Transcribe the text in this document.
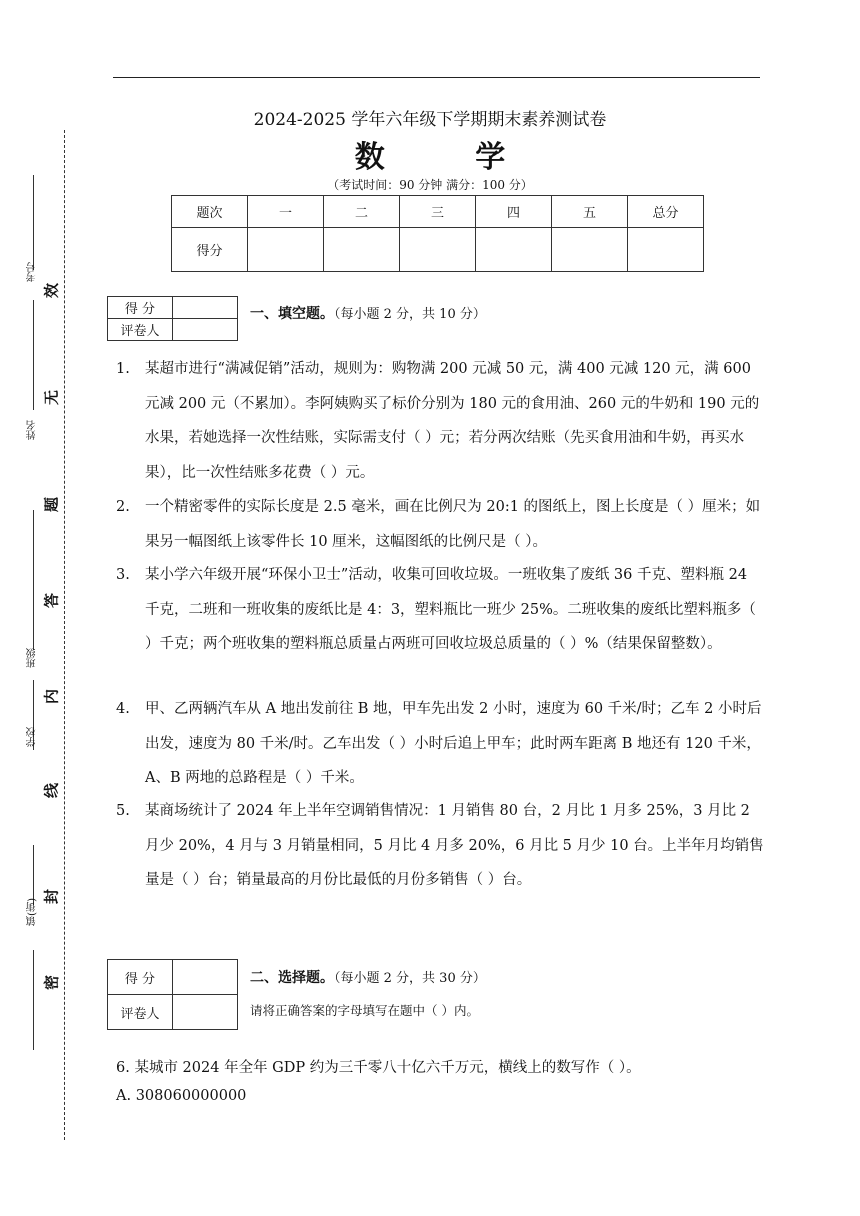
考号
姓名
班级
学校
镇(街)
效
无
题
答
内
线
封
密
2024-2025 学年六年级下学期期末素养测试卷
数 学
（考试时间：90 分钟 满分：100 分）
题次	一	二	三	四	五	总分
得分						
得 分	
评卷人	
一、填空题。（每小题 2 分，共 10 分）
1. 某超市进行“满减促销”活动，规则为：购物满 200 元减 50 元，满 400 元减 120 元，满 600 元减 200 元（不累加）。李阿姨购买了标价分别为 180 元的食用油、260 元的牛奶和 190 元的水果，若她选择一次性结账，实际需支付（ ）元；若分两次结账（先买食用油和牛奶，再买水果），比一次性结账多花费（ ）元。
2. 一个精密零件的实际长度是 2.5 毫米，画在比例尺为 20:1 的图纸上，图上长度是（ ）厘米；如果另一幅图纸上该零件长 10 厘米，这幅图纸的比例尺是（ ）。
3. 某小学六年级开展“环保小卫士”活动，收集可回收垃圾。一班收集了废纸 36 千克、塑料瓶 24 千克，二班和一班收集的废纸比是 4：3，塑料瓶比一班少 25%。二班收集的废纸比塑料瓶多（ ）千克；两个班收集的塑料瓶总质量占两班可回收垃圾总质量的（ ）%（结果保留整数）。
4. 甲、乙两辆汽车从 A 地出发前往 B 地，甲车先出发 2 小时，速度为 60 千米/时；乙车 2 小时后出发，速度为 80 千米/时。乙车出发（ ）小时后追上甲车；此时两车距离 B 地还有 120 千米，A、B 两地的总路程是（ ）千米。
5. 某商场统计了 2024 年上半年空调销售情况：1 月销售 80 台，2 月比 1 月多 25%，3 月比 2 月少 20%，4 月与 3 月销量相同，5 月比 4 月多 20%，6 月比 5 月少 10 台。上半年月均销售量是（ ）台；销量最高的月份比最低的月份多销售（ ）台。
得 分	
评卷人	
二、选择题。（每小题 2 分，共 30 分）
请将正确答案的字母填写在题中（ ）内。
6. 某城市 2024 年全年 GDP 约为三千零八十亿六千万元，横线上的数写作（ ）。
A. 308060000000
